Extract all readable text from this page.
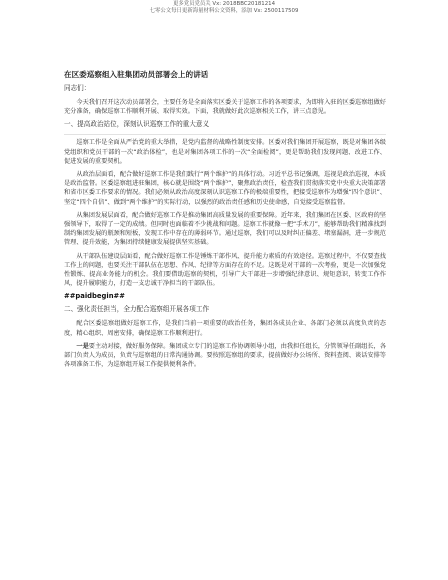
更多党员党员关 Vx: 2018BBC20181214
七零公文每日更新海量材料公文资料，添加 Vx: 2500117509
在区委巡察组入驻集团动员部署会上的讲话
同志们：
今天我们召开这次动员部署会，主要任务是全面落实区委关于巡察工作的各项要求，为即将入驻的区委巡察组做好充分准备，确保巡察工作顺利开展、取得实效。下面，我就做好此次巡察相关工作，讲三点意见。
一、提高政治站位，深刻认识巡察工作的重大意义
巡察工作是全面从严治党的重大举措，是党内监督的战略性制度安排。区委对我们集团开展巡察，既是对集团各级党组织和党员干部的一次“政治体检”，也是对集团各项工作的一次“全面检阅”，更是帮助我们发现问题、改进工作、促进发展的重要契机。
从政治层面看，配合做好巡察工作是我们践行“两个维护”的具体行动。习近平总书记强调，巡视是政治巡视，本质是政治监督。区委巡察组进驻集团，核心就是围绕“两个维护”，聚焦政治责任，检查我们贯彻落实党中央重大决策部署和省市区委工作要求的情况。我们必须从政治高度深刻认识巡察工作的极端重要性，把接受巡察作为增强“四个意识”、坚定“四个自信”、做到“两个维护”的实际行动，以强烈的政治责任感和历史使命感，自觉接受巡察监督。
从集团发展层面看，配合做好巡察工作是推动集团高质量发展的重要保障。近年来，我们集团在区委、区政府的坚强领导下，取得了一定的成绩。但同时也面临着不少挑战和问题。巡察工作就像一把“手术刀”，能够帮助我们精准找到制约集团发展的瓶颈和短板，发现工作中存在的薄弱环节。通过巡察，我们可以及时纠正偏差、堵塞漏洞，进一步规范管理、提升效能，为集团持续健康发展提供坚实基础。
从干部队伍建设层面看，配合做好巡察工作是锤炼干部作风、提升能力素质的有效途径。巡察过程中，不仅要查找工作上的问题，也要关注干部队伍在思想、作风、纪律等方面存在的不足。这既是对干部的一次考验，更是一次加强党性锻炼、提高业务能力的机会。我们要借助巡察的契机，引导广大干部进一步增强纪律意识、规矩意识，转变工作作风，提升履职能力，打造一支忠诚干净担当的干部队伍。
##paidbegin##
二、强化责任担当，全力配合巡察组开展各项工作
配合区委巡察组做好巡察工作，是我们当前一项重要的政治任务，集团各成员企业、各部门必须以高度负责的态度，精心组织、周密安排，确保巡察工作顺利进行。
一是要主动对接，做好服务保障。集团成立专门的巡察工作协调领导小组，由我担任组长，分管领导任副组长，各部门负责人为成员，负责与巡察组的日常沟通协调。要按照巡察组的要求，提前做好办公场所、资料查阅、谈话安排等各项准备工作，为巡察组开展工作提供便利条件。
